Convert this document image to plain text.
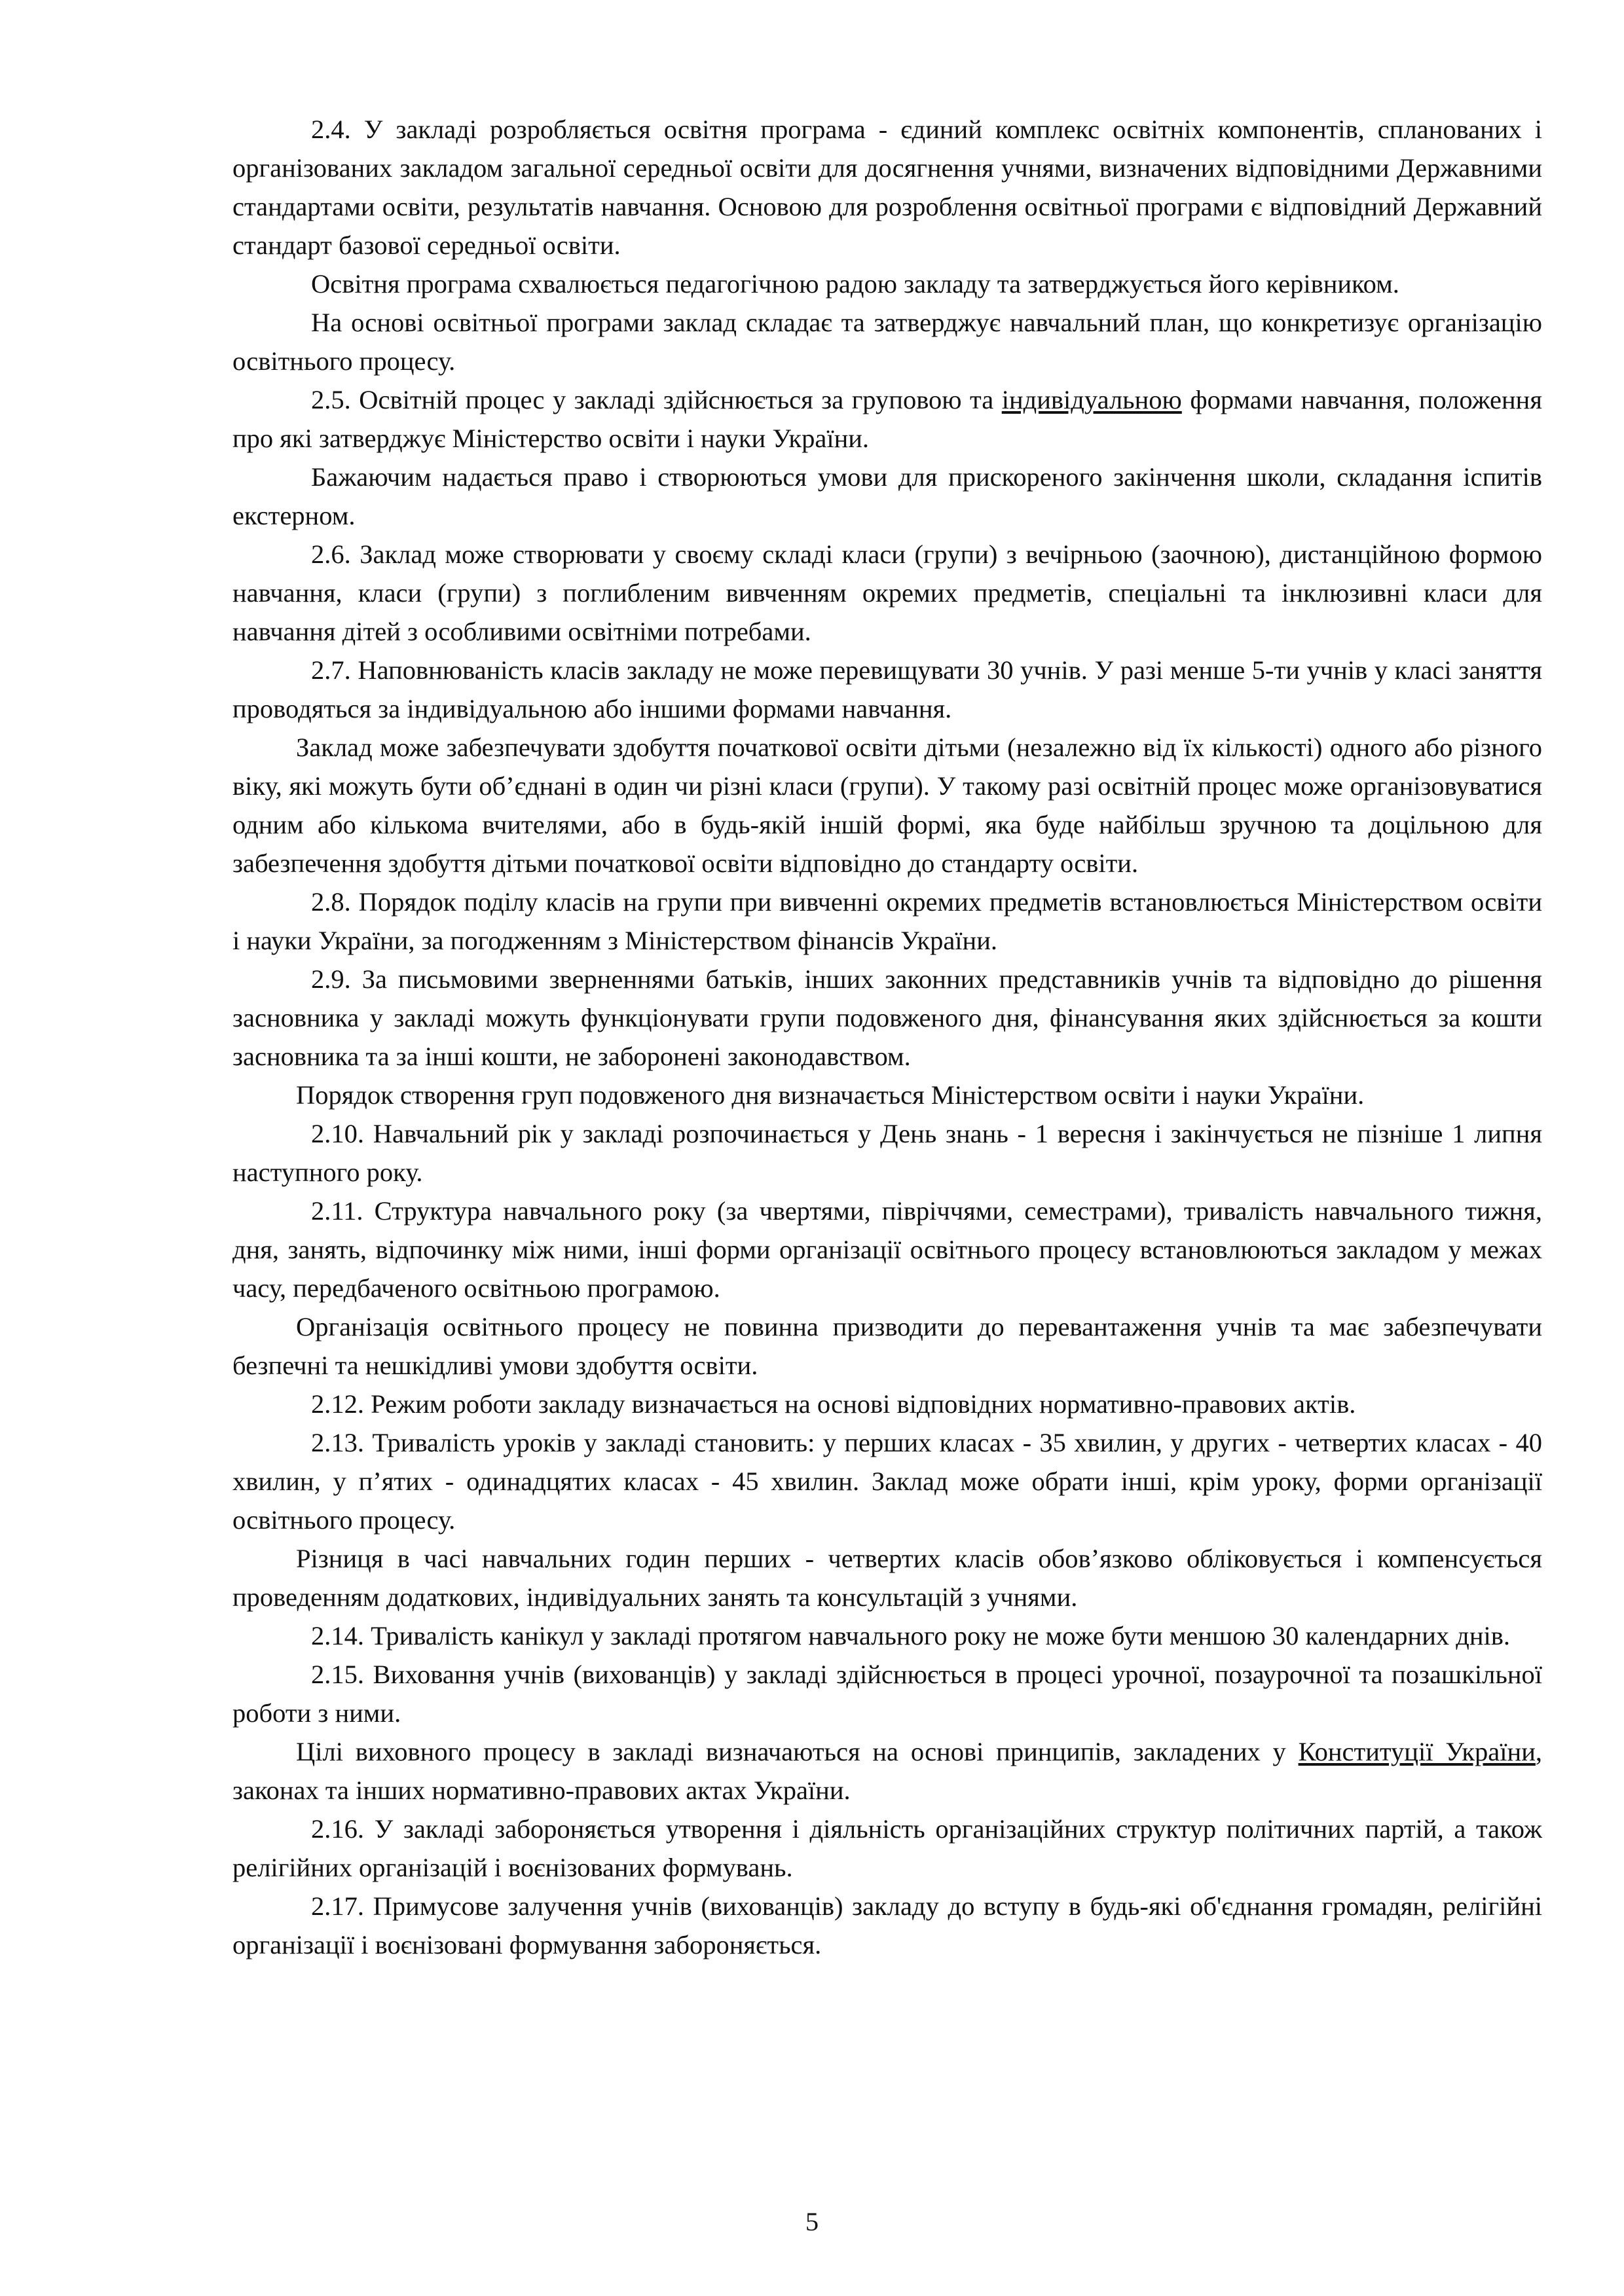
2.4. У закладі розробляється освітня програма - єдиний комплекс освітніх компонентів, спланованих і організованих закладом загальної середньої освіти для досягнення учнями, визначених відповідними Державними стандартами освіти, результатів навчання. Основою для розроблення освітньої програми є відповідний Державний стандарт базової середньої освіти.

Освітня програма схвалюється педагогічною радою закладу та затверджується його керівником.

На основі освітньої програми заклад складає та затверджує навчальний план, що конкретизує організацію освітнього процесу.

2.5. Освітній процес у закладі здійснюється за груповою та індивідуальною формами навчання, положення про які затверджує Міністерство освіти і науки України.

Бажаючим надається право і створюються умови для прискореного закінчення школи, складання іспитів екстерном.

2.6. Заклад може створювати у своєму складі класи (групи) з вечірньою (заочною), дистанційною формою навчання, класи (групи) з поглибленим вивченням окремих предметів, спеціальні та інклюзивні класи для навчання дітей з особливими освітніми потребами.

2.7. Наповнюваність класів закладу не може перевищувати 30 учнів. У разі менше 5-ти учнів у класі заняття проводяться за індивідуальною або іншими формами навчання.

Заклад може забезпечувати здобуття початкової освіти дітьми (незалежно від їх кількості) одного або різного віку, які можуть бути об’єднані в один чи різні класи (групи). У такому разі освітній процес може організовуватися одним або кількома вчителями, або в будь-якій іншій формі, яка буде найбільш зручною та доцільною для забезпечення здобуття дітьми початкової освіти відповідно до стандарту освіти.

2.8. Порядок поділу класів на групи при вивченні окремих предметів встановлюється Міністерством освіти і науки України, за погодженням з Міністерством фінансів України.

2.9. За письмовими зверненнями батьків, інших законних представників учнів та відповідно до рішення засновника у закладі можуть функціонувати групи подовженого дня, фінансування яких здійснюється за кошти засновника та за інші кошти, не заборонені законодавством.

Порядок створення груп подовженого дня визначається Міністерством освіти і науки України.

2.10. Навчальний рік у закладі розпочинається у День знань - 1 вересня і закінчується не пізніше 1 липня наступного року.

2.11. Структура навчального року (за чвертями, півріччями, семестрами), тривалість навчального тижня, дня, занять, відпочинку між ними, інші форми організації освітнього процесу встановлюються закладом у межах часу, передбаченого освітньою програмою.

Організація освітнього процесу не повинна призводити до перевантаження учнів та має забезпечувати безпечні та нешкідливі умови здобуття освіти.

2.12. Режим роботи закладу визначається на основі відповідних нормативно-правових актів.

2.13. Тривалість уроків у закладі становить: у перших класах - 35 хвилин, у других - четвертих класах - 40 хвилин, у п’ятих - одинадцятих класах - 45 хвилин. Заклад може обрати інші, крім уроку, форми організації освітнього процесу.

Різниця в часі навчальних годин перших - четвертих класів обов’язково обліковується і компенсується проведенням додаткових, індивідуальних занять та консультацій з учнями.

2.14. Тривалість канікул у закладі протягом навчального року не може бути меншою 30 календарних днів.

2.15. Виховання учнів (вихованців) у закладі здійснюється в процесі урочної, позаурочної та позашкільної роботи з ними.

Цілі виховного процесу в закладі визначаються на основі принципів, закладених у Конституції України, законах та інших нормативно-правових актах України.

2.16. У закладі забороняється утворення і діяльність організаційних структур політичних партій, а також релігійних організацій і воєнізованих формувань.

2.17. Примусове залучення учнів (вихованців) закладу до вступу в будь-які об'єднання громадян, релігійні організації і воєнізовані формування забороняється.

5
